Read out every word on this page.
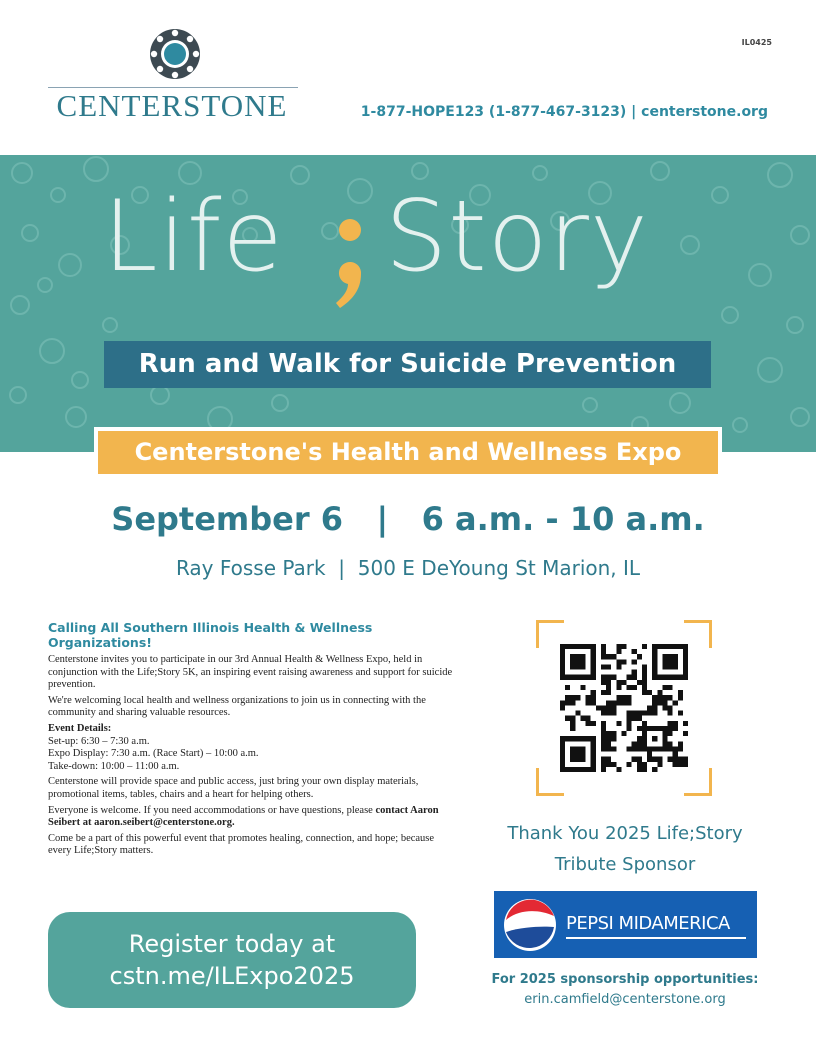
CENTERSTONE
IL0425
1-877-HOPE123 (1-877-467-3123) | centerstone.org
Run and Walk for Suicide Prevention
Life Story
Centerstone's Health and Wellness Expo
September 6   |   6 a.m. - 10 a.m.
Ray Fosse Park  |  500 E DeYoung St Marion, IL
Calling All Southern Illinois Health & Wellness Organizations!
Centerstone invites you to participate in our 3rd Annual Health & Wellness Expo, held in conjunction with the Life;Story 5K, an inspiring event raising awareness and support for suicide prevention.
We're welcoming local health and wellness organizations to join us in connecting with the community and sharing valuable resources.
Event Details:
Set-up: 6:30 – 7:30 a.m.
Expo Display: 7:30 a.m. (Race Start) – 10:00 a.m.
Take-down: 10:00 – 11:00 a.m.
Centerstone will provide space and public access, just bring your own display materials, promotional items, tables, chairs and a heart for helping others.
Everyone is welcome. If you need accommodations or have questions, please contact Aaron Seibert at aaron.seibert@centerstone.org.
Come be a part of this powerful event that promotes healing, connection, and hope; because every Life;Story matters.
Register today at
cstn.me/ILExpo2025
Thank You 2025 Life;Story
Tribute Sponsor
PEPSI MIDAMERICA
For 2025 sponsorship opportunities:
erin.camfield@centerstone.org
